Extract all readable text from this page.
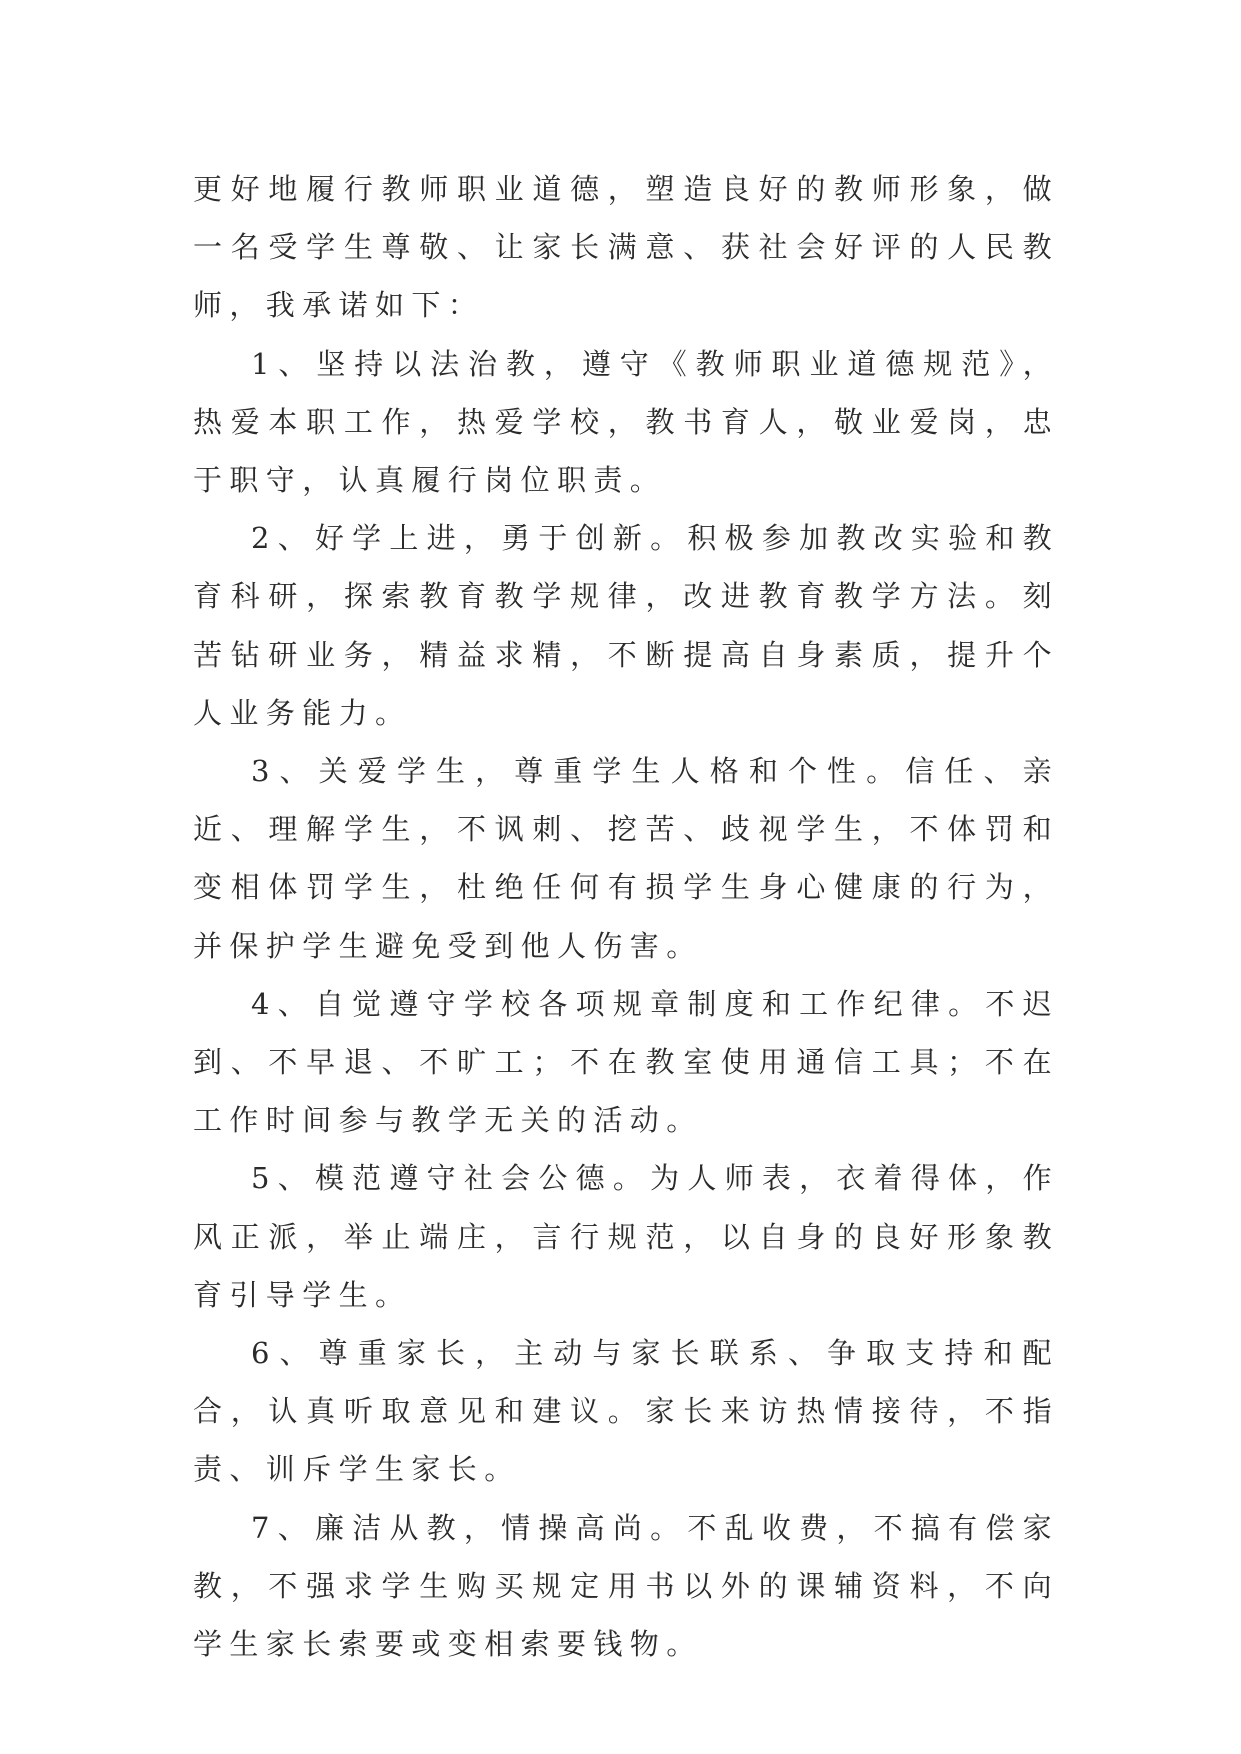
更好地履行教师职业道德，塑造良好的教师形象，做一名受学生尊敬、让家长满意、获社会好评的人民教师，我承诺如下：

1、坚持以法治教，遵守《教师职业道德规范》，热爱本职工作，热爱学校，教书育人，敬业爱岗，忠于职守，认真履行岗位职责。

2、好学上进，勇于创新。积极参加教改实验和教育科研，探索教育教学规律，改进教育教学方法。刻苦钻研业务，精益求精，不断提高自身素质，提升个人业务能力。

3、关爱学生，尊重学生人格和个性。信任、亲近、理解学生，不讽刺、挖苦、歧视学生，不体罚和变相体罚学生，杜绝任何有损学生身心健康的行为，并保护学生避免受到他人伤害。

4、自觉遵守学校各项规章制度和工作纪律。不迟到、不早退、不旷工；不在教室使用通信工具；不在工作时间参与教学无关的活动。

5、模范遵守社会公德。为人师表，衣着得体，作风正派，举止端庄，言行规范，以自身的良好形象教育引导学生。

6、尊重家长，主动与家长联系、争取支持和配合，认真听取意见和建议。家长来访热情接待，不指责、训斥学生家长。

7、廉洁从教，情操高尚。不乱收费，不搞有偿家教，不强求学生购买规定用书以外的课辅资料，不向学生家长索要或变相索要钱物。
